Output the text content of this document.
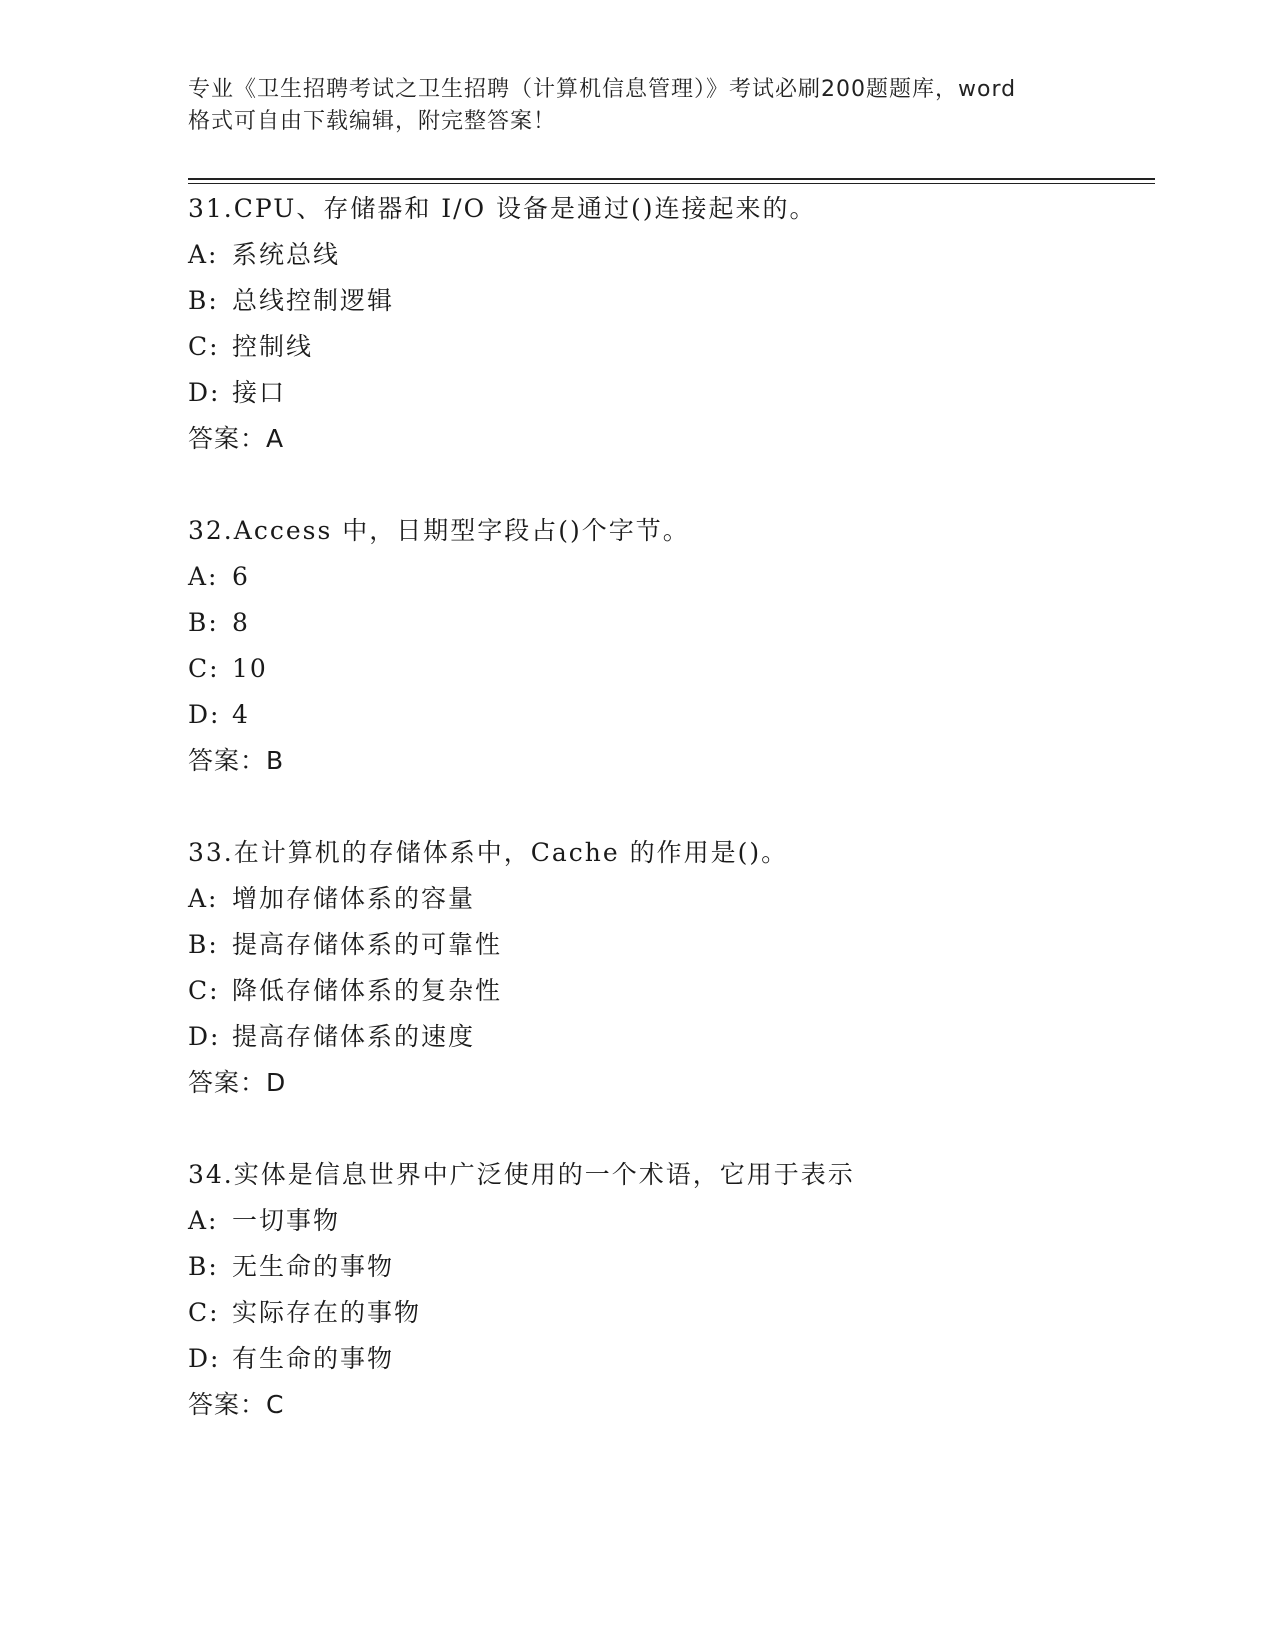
专业《卫生招聘考试之卫生招聘（计算机信息管理）》考试必刷200题题库，word
格式可自由下载编辑，附完整答案！
31.CPU、存储器和 I/O 设备是通过()连接起来的。
A: 系统总线
B: 总线控制逻辑
C: 控制线
D: 接口
答案：A
32.Access 中，日期型字段占()个字节。
A: 6
B: 8
C: 10
D: 4
答案：B
33.在计算机的存储体系中，Cache 的作用是()。
A: 增加存储体系的容量
B: 提高存储体系的可靠性
C: 降低存储体系的复杂性
D: 提高存储体系的速度
答案：D
34.实体是信息世界中广泛使用的一个术语，它用于表示
A: 一切事物
B: 无生命的事物
C: 实际存在的事物
D: 有生命的事物
答案：C
